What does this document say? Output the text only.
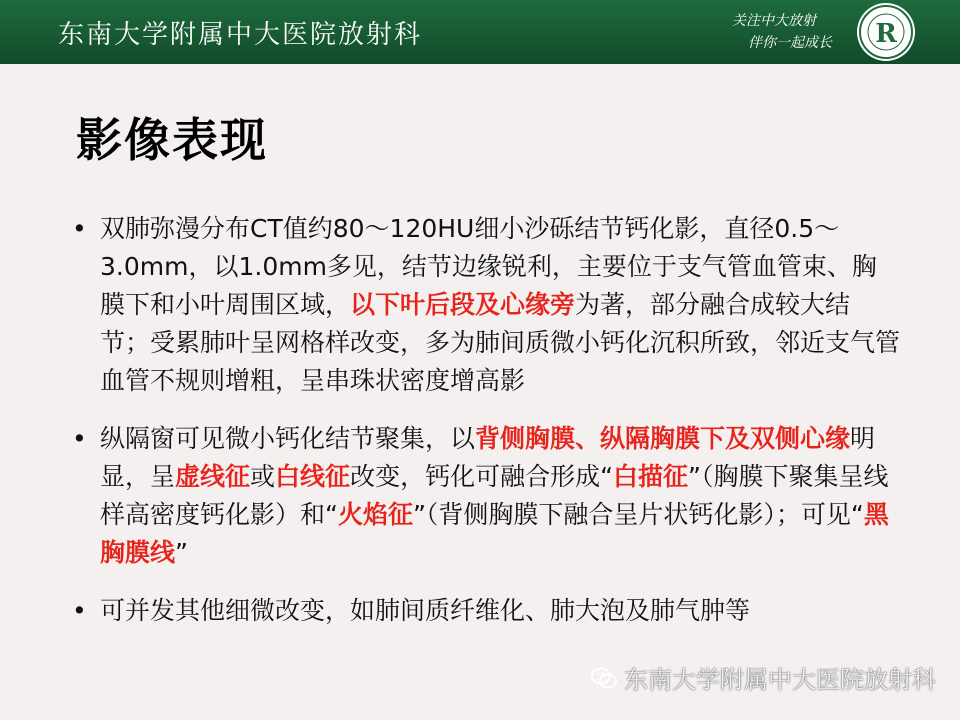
东南大学附属中大医院放射科	关注中大放射
伴你一起成长 R
影像表现
• 双肺弥漫分布CT值约80～120HU细小沙砾结节钙化影，直径0.5～3.0mm，以1.0mm多见，结节边缘锐利，主要位于支气管血管束、胸膜下和小叶周围区域，以下叶后段及心缘旁为著，部分融合成较大结节；受累肺叶呈网格样改变，多为肺间质微小钙化沉积所致，邻近支气管血管不规则增粗，呈串珠状密度增高影
• 纵隔窗可见微小钙化结节聚集，以背侧胸膜、纵隔胸膜下及双侧心缘明显，呈虚线征或白线征改变，钙化可融合形成“白描征”（胸膜下聚集呈线样高密度钙化影）和“火焰征”（背侧胸膜下融合呈片状钙化影）；可见“黑胸膜线”
• 可并发其他细微改变，如肺间质纤维化、肺大泡及肺气肿等
东南大学附属中大医院放射科
